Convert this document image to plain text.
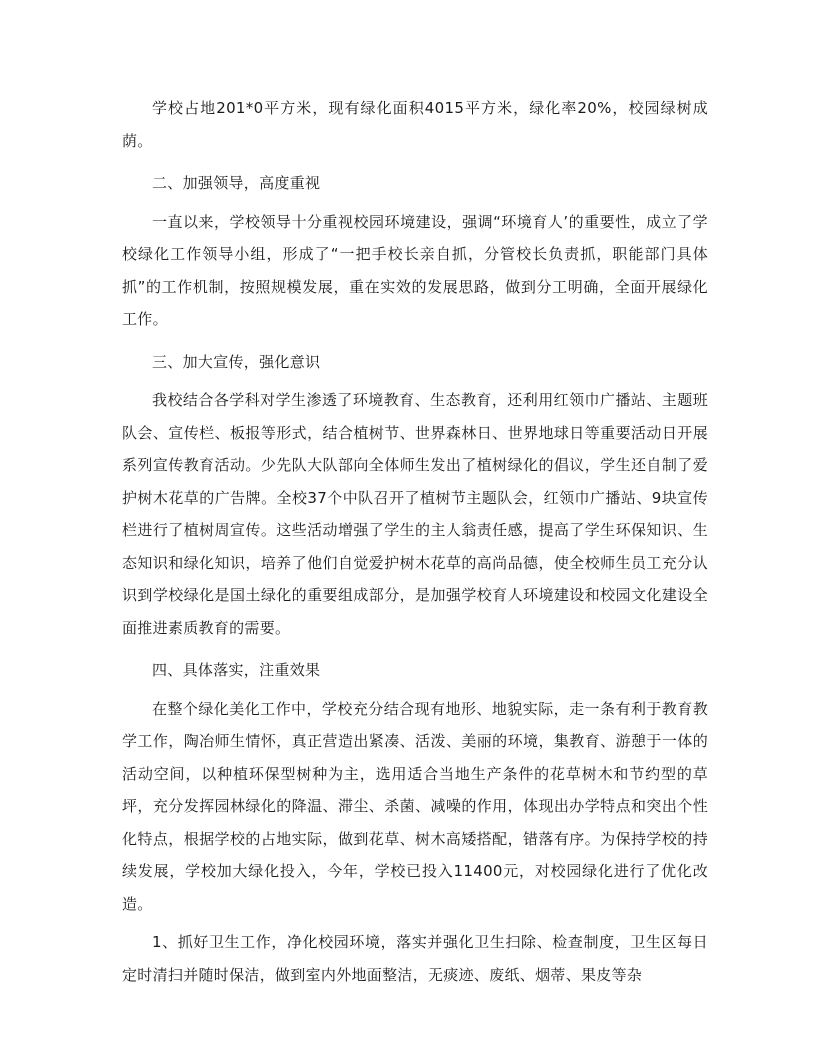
学校占地201*0平方米，现有绿化面积4015平方米，绿化率20%，校园绿树成荫。

二、加强领导，高度重视

一直以来，学校领导十分重视校园环境建设，强调“环境育人’的重要性，成立了学校绿化工作领导小组，形成了“一把手校长亲自抓，分管校长负责抓，职能部门具体抓”的工作机制，按照规模发展，重在实效的发展思路，做到分工明确，全面开展绿化工作。

三、加大宣传，强化意识

我校结合各学科对学生渗透了环境教育、生态教育，还利用红领巾广播站、主题班队会、宣传栏、板报等形式，结合植树节、世界森林日、世界地球日等重要活动日开展系列宣传教育活动。少先队大队部向全体师生发出了植树绿化的倡议，学生还自制了爱护树木花草的广告牌。全校37个中队召开了植树节主题队会，红领巾广播站、9块宣传栏进行了植树周宣传。这些活动增强了学生的主人翁责任感，提高了学生环保知识、生态知识和绿化知识，培养了他们自觉爱护树木花草的高尚品德，使全校师生员工充分认识到学校绿化是国土绿化的重要组成部分，是加强学校育人环境建设和校园文化建设全面推进素质教育的需要。

四、具体落实，注重效果

在整个绿化美化工作中，学校充分结合现有地形、地貌实际，走一条有利于教育教学工作，陶冶师生情怀，真正营造出紧凑、活泼、美丽的环境，集教育、游憩于一体的活动空间，以种植环保型树种为主，选用适合当地生产条件的花草树木和节约型的草坪，充分发挥园林绿化的降温、滞尘、杀菌、减噪的作用，体现出办学特点和突出个性化特点，根据学校的占地实际，做到花草、树木高矮搭配，错落有序。为保持学校的持续发展，学校加大绿化投入，今年，学校已投入11400元，对校园绿化进行了优化改造。

1、抓好卫生工作，净化校园环境，落实并强化卫生扫除、检查制度，卫生区每日定时清扫并随时保洁，做到室内外地面整洁，无痰迹、废纸、烟蒂、果皮等杂
